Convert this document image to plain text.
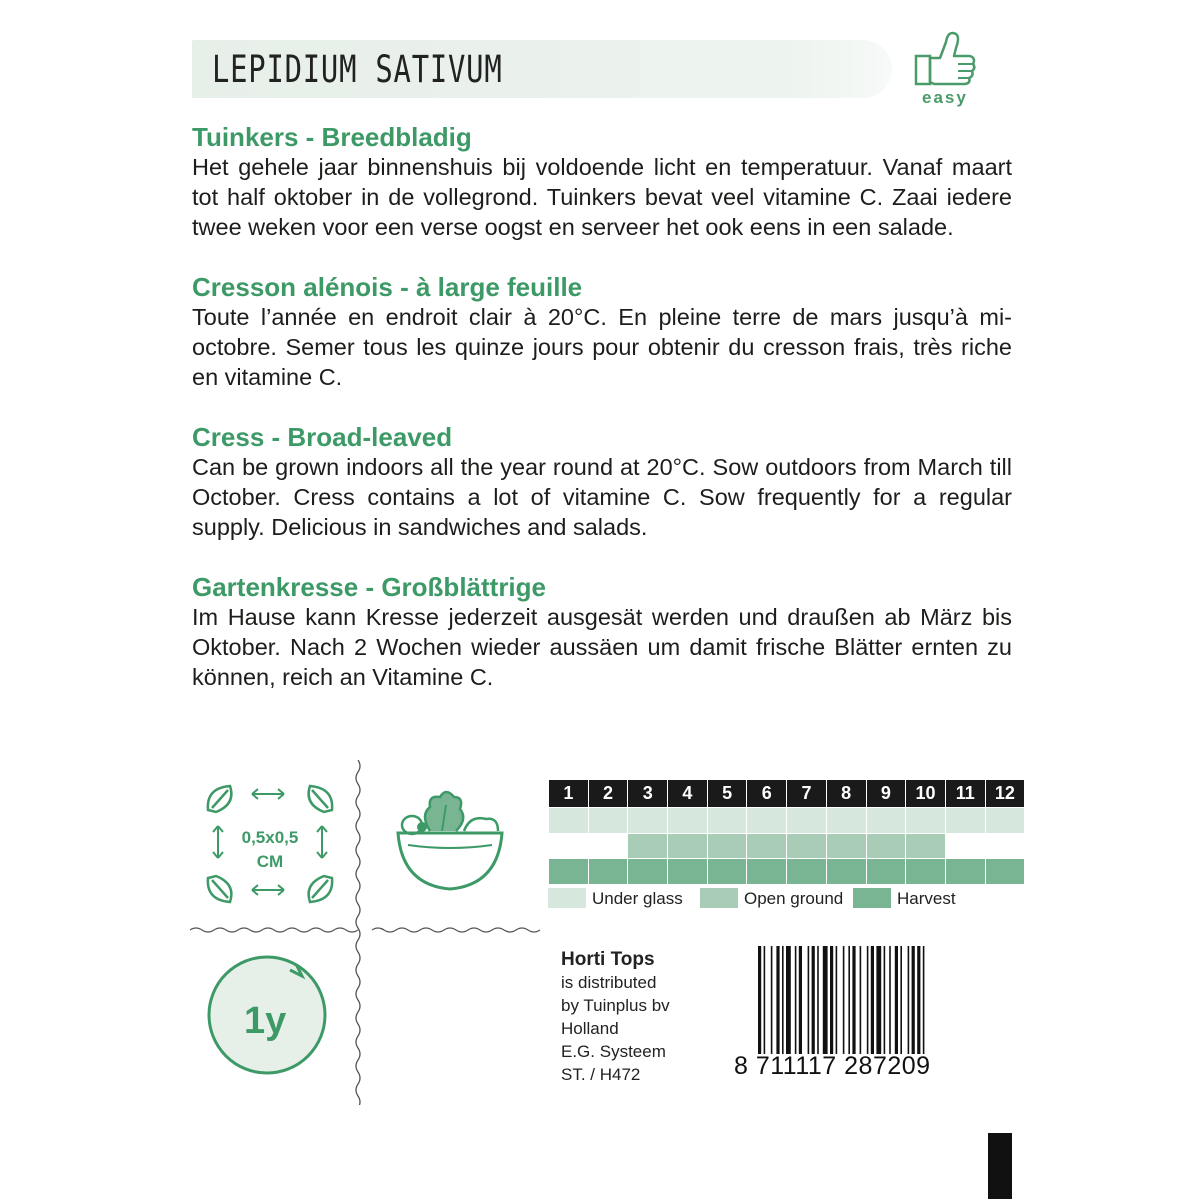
LEPIDIUM SATIVUM
easy
Tuinkers - Breedbladig
Het gehele jaar binnenshuis bij voldoende licht en temperatuur. Vanaf maart tot half oktober in de vollegrond. Tuinkers bevat veel vitamine C. Zaai iedere twee weken voor een verse oogst en serveer het ook eens in een salade.
Cresson alénois - à large feuille
Toute l’année en endroit clair à 20°C. En pleine terre de mars jusqu’à mi-octobre. Semer tous les quinze jours pour obtenir du cresson frais, très riche en vitamine C.
Cress - Broad-leaved
Can be grown indoors all the year round at 20°C. Sow outdoors from March till October. Cress contains a lot of vitamine C. Sow frequently for a regular supply. Delicious in sandwiches and salads.
Gartenkresse - Großblättrige
Im Hause kann Kresse jederzeit ausgesät werden und draußen ab März bis Oktober. Nach 2 Wochen wieder aussäen um damit frische Blätter ernten zu können, reich an Vitamine C.
0,5x0,5
CM
1y
1	2	3	4	5	6	7	8	9	10	11	12

Under glass	Open ground	Harvest
Horti Tops
is distributed
by Tuinplus bv
Holland
E.G. Systeem
ST. / H472	8 711117 287209
